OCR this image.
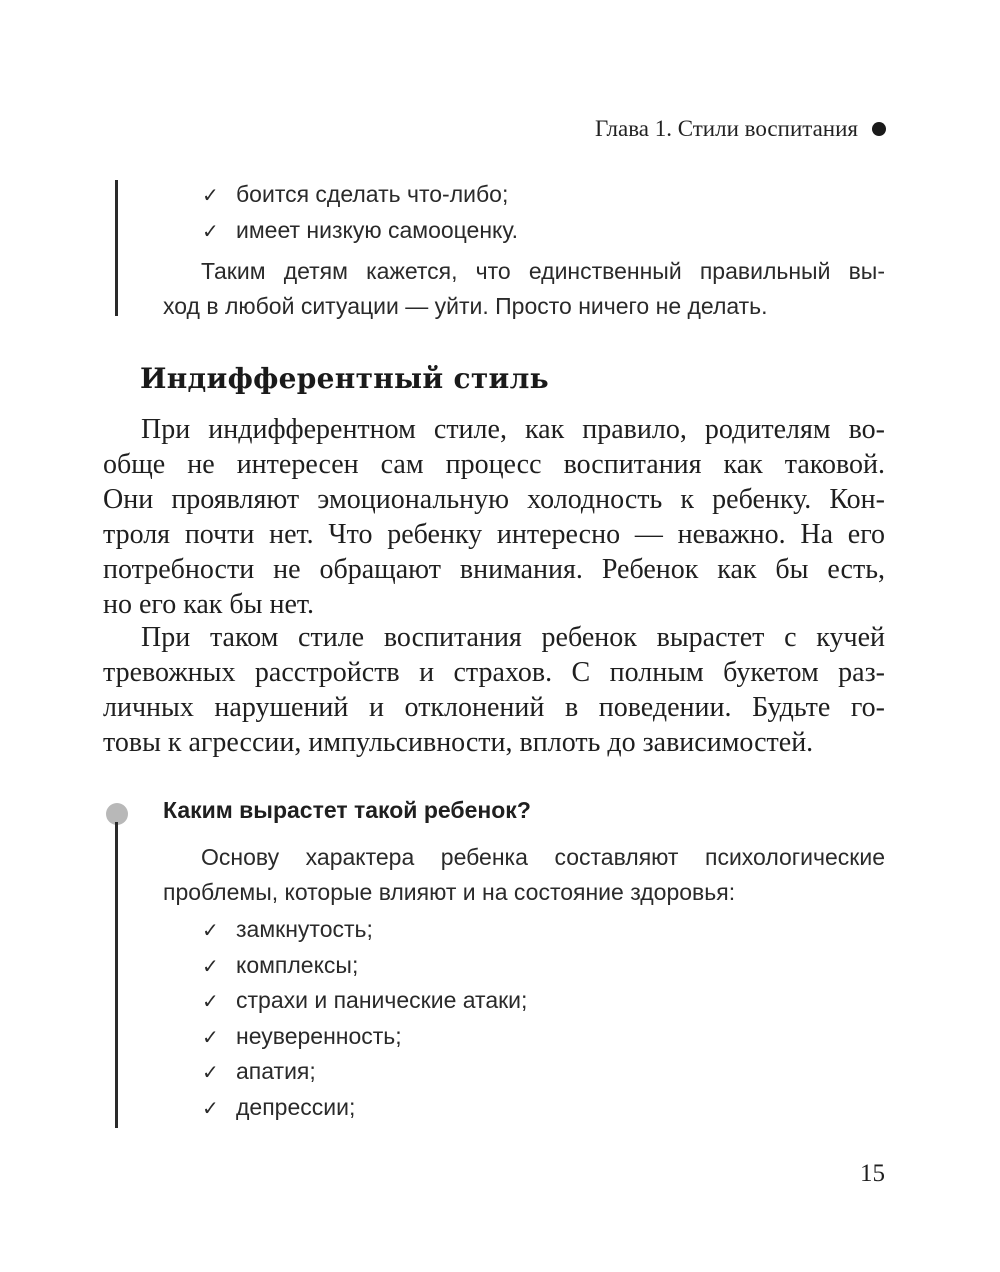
Глава 1. Стили воспитания
✓ боится сделать что-либо;
✓ имеет низкую самооценку.
Таким детям кажется, что единственный правильный вы-
ход в любой ситуации — уйти. Просто ничего не делать.
Индифферентный стиль
При индифферентном стиле, как правило, родителям во-
обще не интересен сам процесс воспитания как таковой.
Они проявляют эмоциональную холодность к ребенку. Кон-
троля почти нет. Что ребенку интересно — неважно. На его
потребности не обращают внимания. Ребенок как бы есть,
но его как бы нет.
При таком стиле воспитания ребенок вырастет с кучей
тревожных расстройств и страхов. С полным букетом раз-
личных нарушений и отклонений в поведении. Будьте го-
товы к агрессии, импульсивности, вплоть до зависимостей.
Каким вырастет такой ребенок?
Основу характера ребенка составляют психологические
проблемы, которые влияют и на состояние здоровья:
✓ замкнутость;
✓ комплексы;
✓ страхи и панические атаки;
✓ неуверенность;
✓ апатия;
✓ депрессии;
15
